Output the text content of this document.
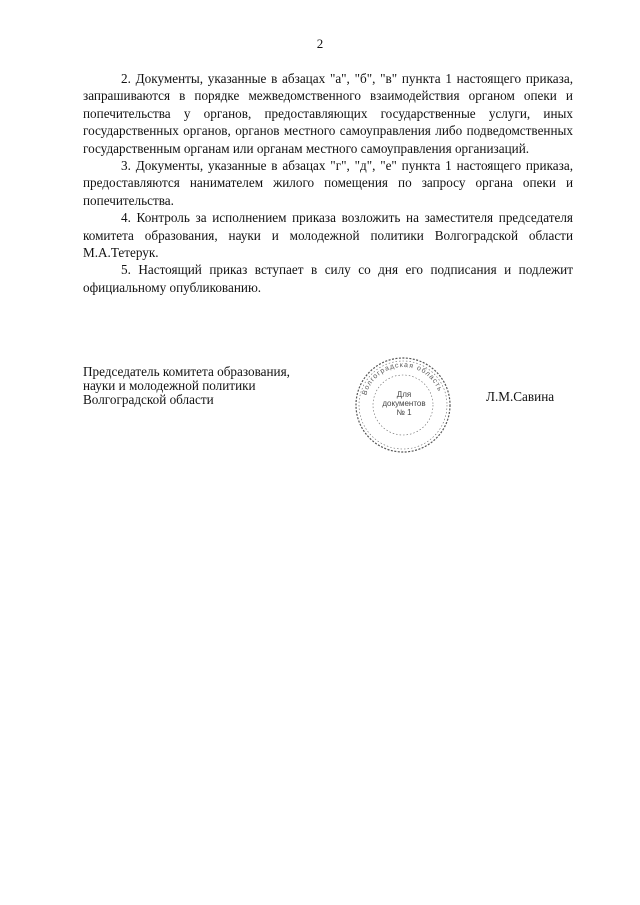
2

2. Документы, указанные в абзацах "а", "б", "в" пункта 1 настоящего приказа, запрашиваются в порядке межведомственного взаимодействия органом опеки и попечительства у органов, предоставляющих государственные услуги, иных государственных органов, органов местного самоуправления либо подведомственных государственным органам или органам местного самоуправления организаций.

3. Документы, указанные в абзацах "г", "д", "е" пункта 1 настоящего приказа, предоставляются нанимателем жилого помещения по запросу органа опеки и попечительства.

4. Контроль за исполнением приказа возложить на заместителя председателя комитета образования, науки и молодежной политики Волгоградской области М.А.Тетерук.

5. Настоящий приказ вступает в силу со дня его подписания и подлежит официальному опубликованию.

Председатель комитета образования,
науки и молодежной политики
Волгоградской области	Волгоградская область
Для
документов
№ 1
Л.М.Савина
